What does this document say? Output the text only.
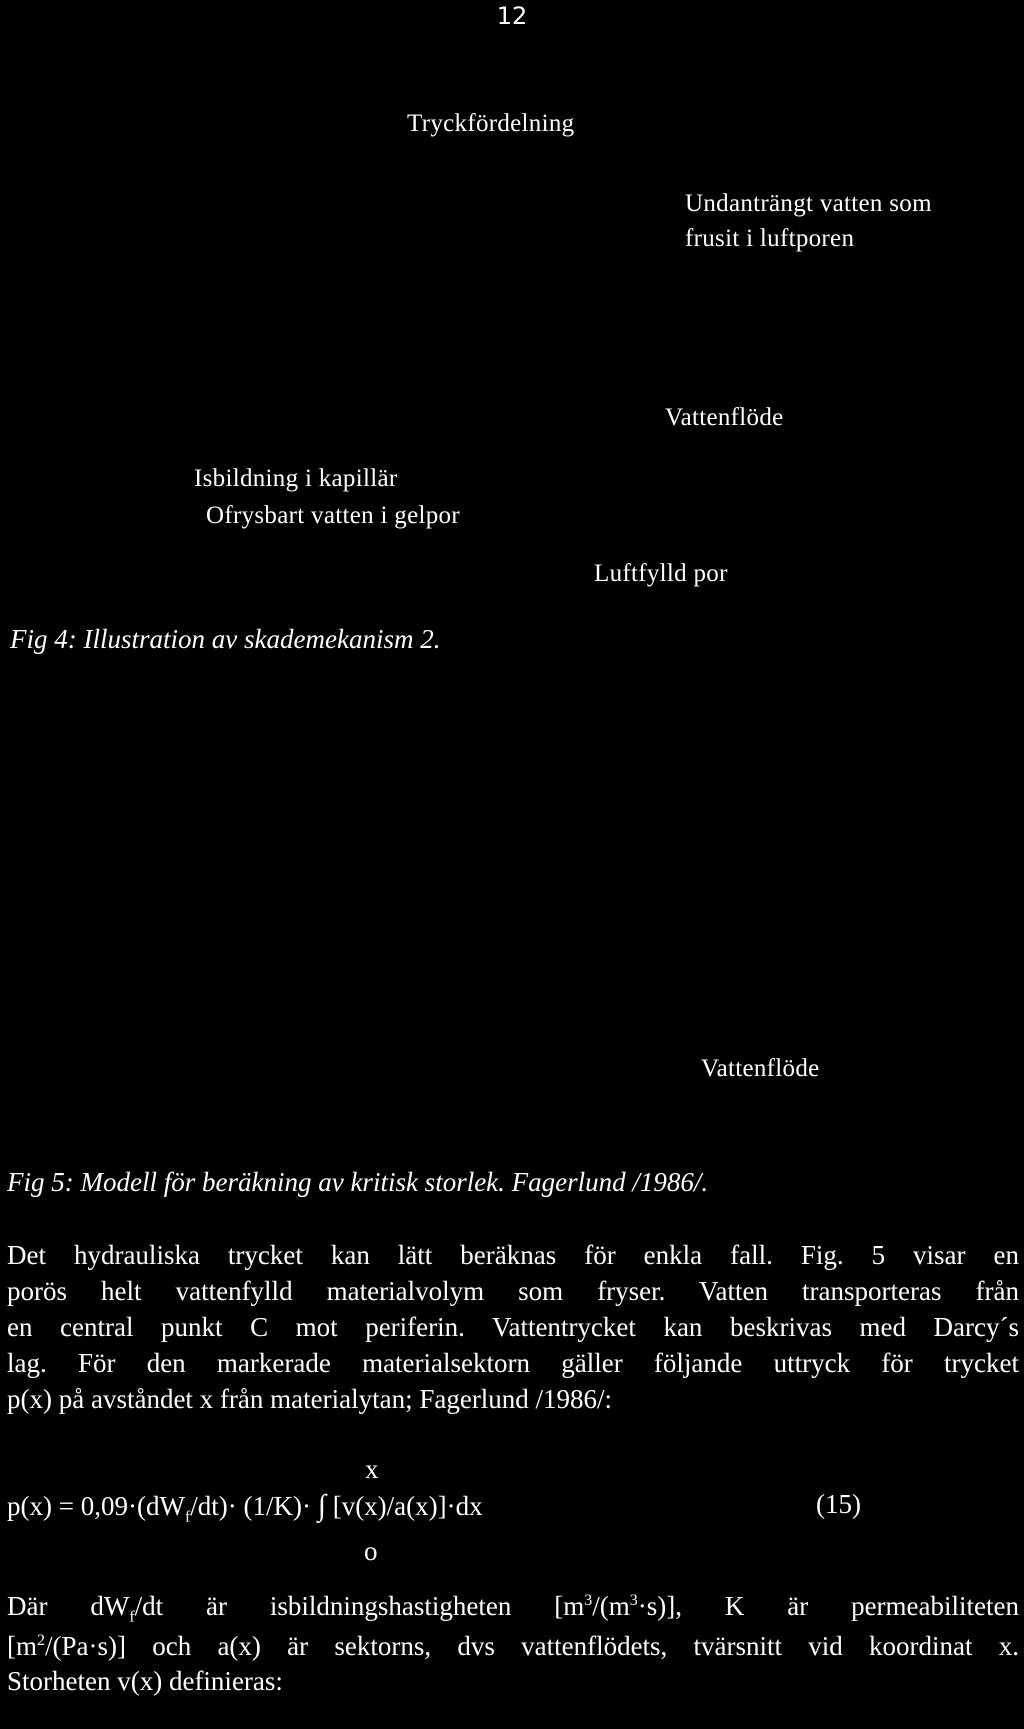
12
Tryckfördelning
Undanträngt vatten som
frusit i luftporen
Vattenflöde
Isbildning i kapillär
Ofrysbart vatten i gelpor
Luftfylld por
Fig 4: Illustration av skademekanism 2.
Vattenflöde
Fig 5: Modell för beräkning av kritisk storlek. Fagerlund /1986/.
Det hydrauliska trycket kan lätt beräknas för enkla fall. Fig. 5 visar en
porös helt vattenfylld materialvolym som fryser. Vatten transporteras från
en central punkt C mot periferin. Vattentrycket kan beskrivas med Darcy´s
lag. För den markerade materialsektorn gäller följande uttryck för trycket
p(x) på avståndet x från materialytan; Fagerlund /1986/:
x
$p(x) = 0,09\cdot(dW_f/dt)\cdot (1/K)\cdot$ ∫ [v(x)/a(x)]·dx	(15)
o
Där $dW_f/dt$ är isbildningshastigheten $[m^3/(m^3\cdot s)]$, K är permeabiliteten
$[m^2/(Pa\cdot s)]$ och a(x) är sektorns, dvs vattenflödets, tvärsnitt vid koordinat x.
Storheten v(x) definieras:
